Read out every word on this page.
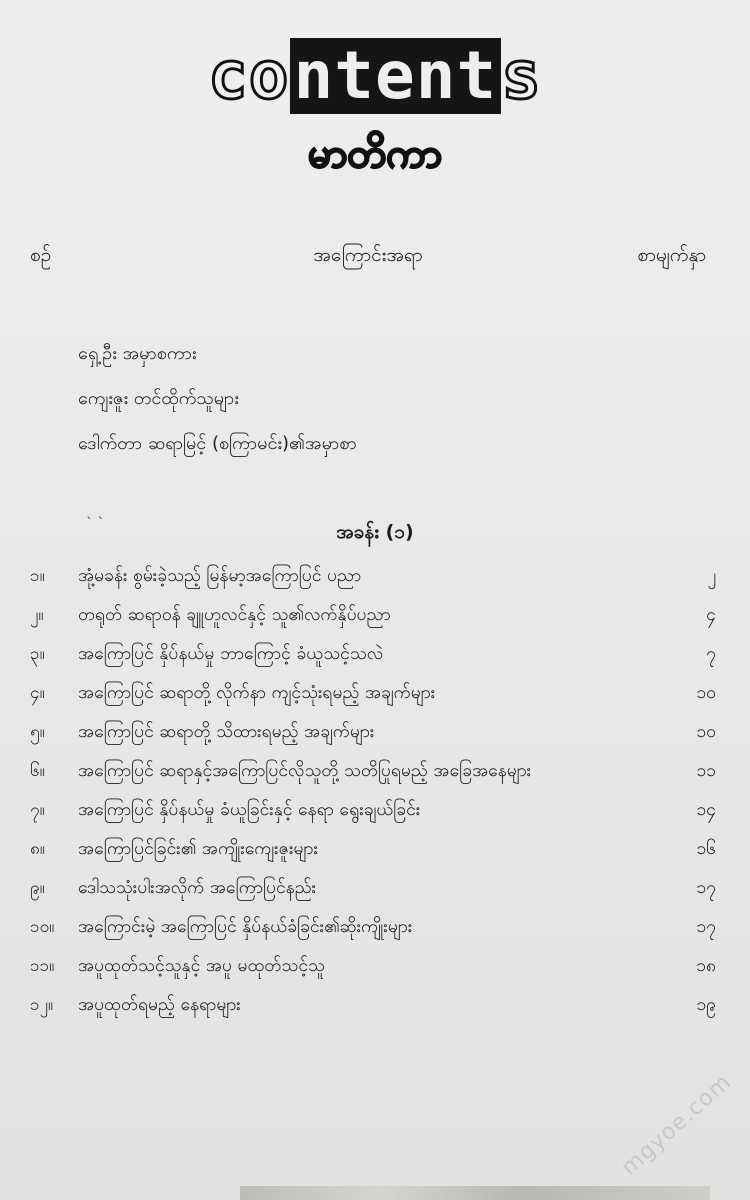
contents
မာတိကာ
စဉ်	အကြောင်းအရာ	စာမျက်နှာ
ရှေ့ဦး အမှာစကား
ကျေးဇူး တင်ထိုက်သူများ
ဒေါက်တာ ဆရာမြင့် (စကြာမင်း)၏အမှာစာ
` ˋ	အခန်း (၁)
၁။	အုံ့မခန်း စွမ်းခဲ့သည့် မြန်မာ့အကြောပြင် ပညာ	၂
၂။	တရုတ် ဆရာဝန် ချူဟူလင်နှင့် သူ၏လက်နှိပ်ပညာ	၄
၃။	အကြောပြင် နှိပ်နယ်မှု ဘာကြောင့် ခံယူသင့်သလဲ	၇
၄။	အကြောပြင် ဆရာတို့ လိုက်နာ ကျင့်သုံးရမည့် အချက်များ	၁၀
၅။	အကြောပြင် ဆရာတို့ သိထားရမည့် အချက်များ	၁၀
၆။	အကြောပြင် ဆရာနှင့်အကြောပြင်လိုသူတို့ သတိပြုရမည့် အခြေအနေများ	၁၁
၇။	အကြောပြင် နှိပ်နယ်မှု ခံယူခြင်းနှင့် နေရာ ရွေးချယ်ခြင်း	၁၄
၈။	အကြောပြင်ခြင်း၏ အကျိုးကျေးဇူးများ	၁၆
၉။	ဒေါသသုံးပါးအလိုက် အကြောပြင်နည်း	၁၇
၁၀။	အကြောင်းမဲ့ အကြောပြင် နှိပ်နယ်ခံခြင်း၏ဆိုးကျိုးများ	၁၇
၁၁။	အပူထုတ်သင့်သူနှင့် အပူ မထုတ်သင့်သူ	၁၈
၁၂။	အပူထုတ်ရမည့် နေရာများ	၁၉
mgyoe.com
